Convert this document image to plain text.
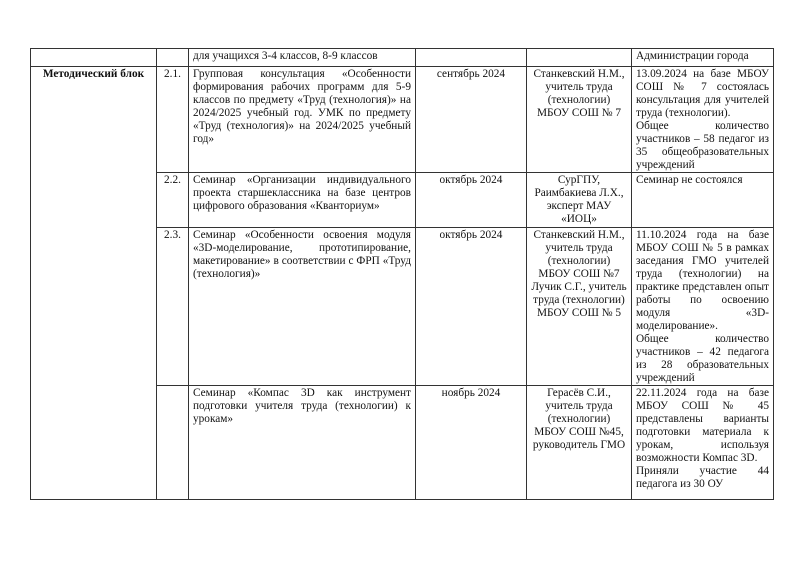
		для учащихся 3-4 классов, 8-9 классов			Администрации города

Методический блок	2.1.	Групповая консультация «Особенности формирования рабочих программ для 5-9 классов по предмету «Труд (технология)» на 2024/2025 учебный год. УМК по предмету «Труд (технология)» на 2024/2025 учебный год»	сентябрь 2024	Станкевский Н.М., учитель труда (технологии) МБОУ СОШ № 7	13.09.2024 на базе МБОУ СОШ № 7 состоялась консультация для учителей труда (технологии).
Общее количество участников – 58 педагог из 35 общеобразовательных учреждений

	2.2.	Семинар «Организации индивидуального проекта старшеклассника на базе центров цифрового образования «Кванториум»	октябрь 2024	СурГПУ, Раимбакиева Л.Х., эксперт МАУ «ИОЦ»	Семинар не состоялся

	2.3.	Семинар «Особенности освоения модуля «3D-моделирование, прототипирование, макетирование» в соответствии с ФРП «Труд (технология)»	октябрь 2024	Станкевский Н.М., учитель труда (технологии) МБОУ СОШ №7 Лучик С.Г., учитель труда (технологии) МБОУ СОШ № 5	11.10.2024 года на базе МБОУ СОШ № 5 в рамках заседания ГМО учителей труда (технологии) на практике представлен опыт работы по освоению модуля «3D-моделирование».
Общее количество участников – 42 педагога из 28 образовательных учреждений

		Семинар «Компас 3D как инструмент подготовки учителя труда (технологии) к урокам»	ноябрь 2024	Герасёв С.И., учитель труда (технологии) МБОУ СОШ №45, руководитель ГМО	22.11.2024 года на базе МБОУ СОШ № 45 представлены варианты подготовки материала к урокам, используя возможности Компас 3D.
Приняли участие 44 педагога из 30 ОУ
